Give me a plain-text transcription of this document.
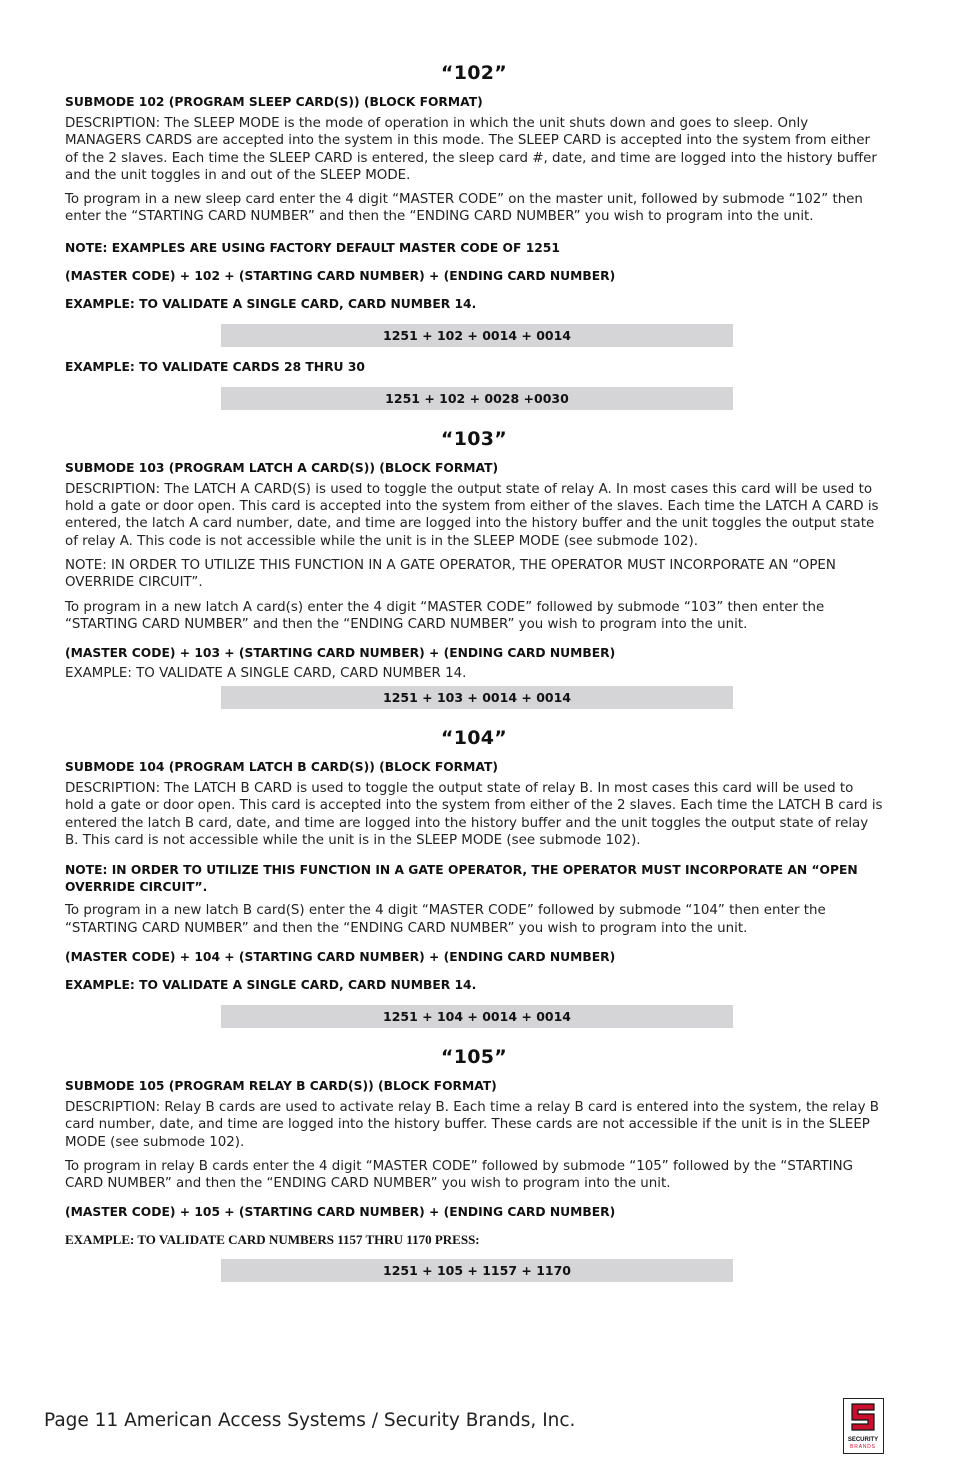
“102”
SUBMODE 102 (PROGRAM SLEEP CARD(S)) (BLOCK FORMAT)

DESCRIPTION: The SLEEP MODE is the mode of operation in which the unit shuts down and goes to sleep. Only MANAGERS CARDS are accepted into the system in this mode. The SLEEP CARD is accepted into the system from either of the 2 slaves. Each time the SLEEP CARD is entered, the sleep card #, date, and time are logged into the history buffer and the unit toggles in and out of the SLEEP MODE.

To program in a new sleep card enter the 4 digit “MASTER CODE” on the master unit, followed by submode “102” then enter the “STARTING CARD NUMBER” and then the “ENDING CARD NUMBER” you wish to program into the unit.

NOTE: EXAMPLES ARE USING FACTORY DEFAULT MASTER CODE OF 1251
(MASTER CODE) + 102 + (STARTING CARD NUMBER) + (ENDING CARD NUMBER)
EXAMPLE: TO VALIDATE A SINGLE CARD, CARD NUMBER 14.
1251 + 102 + 0014 + 0014
EXAMPLE: TO VALIDATE CARDS 28 THRU 30
1251 + 102 + 0028 +0030
“103”
SUBMODE 103 (PROGRAM LATCH A CARD(S)) (BLOCK FORMAT)

DESCRIPTION: The LATCH A CARD(S) is used to toggle the output state of relay A. In most cases this card will be used to hold a gate or door open. This card is accepted into the system from either of the slaves. Each time the LATCH A CARD is entered, the latch A card number, date, and time are logged into the history buffer and the unit toggles the output state of relay A. This code is not accessible while the unit is in the SLEEP MODE (see submode 102).

NOTE: IN ORDER TO UTILIZE THIS FUNCTION IN A GATE OPERATOR, THE OPERATOR MUST INCORPORATE AN “OPEN OVERRIDE CIRCUIT”.

To program in a new latch A card(s) enter the 4 digit “MASTER CODE” followed by submode “103” then enter the “STARTING CARD NUMBER” and then the “ENDING CARD NUMBER” you wish to program into the unit.

(MASTER CODE) + 103 + (STARTING CARD NUMBER) + (ENDING CARD NUMBER)
EXAMPLE: TO VALIDATE A SINGLE CARD, CARD NUMBER 14.
1251 + 103 + 0014 + 0014
“104”
SUBMODE 104 (PROGRAM LATCH B CARD(S)) (BLOCK FORMAT)

DESCRIPTION: The LATCH B CARD is used to toggle the output state of relay B. In most cases this card will be used to hold a gate or door open. This card is accepted into the system from either of the 2 slaves. Each time the LATCH B card is entered the latch B card, date, and time are logged into the history buffer and the unit toggles the output state of relay B. This card is not accessible while the unit is in the SLEEP MODE (see submode 102).

NOTE: IN ORDER TO UTILIZE THIS FUNCTION IN A GATE OPERATOR, THE OPERATOR MUST INCORPORATE AN “OPEN OVERRIDE CIRCUIT”.

To program in a new latch B card(S) enter the 4 digit “MASTER CODE” followed by submode “104” then enter the “STARTING CARD NUMBER” and then the “ENDING CARD NUMBER” you wish to program into the unit.

(MASTER CODE) + 104 + (STARTING CARD NUMBER) + (ENDING CARD NUMBER)
EXAMPLE: TO VALIDATE A SINGLE CARD, CARD NUMBER 14.
1251 + 104 + 0014 + 0014
“105”
SUBMODE 105 (PROGRAM RELAY B CARD(S)) (BLOCK FORMAT)

DESCRIPTION: Relay B cards are used to activate relay B. Each time a relay B card is entered into the system, the relay B card number, date, and time are logged into the history buffer. These cards are not accessible if the unit is in the SLEEP MODE (see submode 102).

To program in relay B cards enter the 4 digit “MASTER CODE” followed by submode “105” followed by the “STARTING CARD NUMBER” and then the “ENDING CARD NUMBER” you wish to program into the unit.

(MASTER CODE) + 105 + (STARTING CARD NUMBER) + (ENDING CARD NUMBER)
EXAMPLE: TO VALIDATE CARD NUMBERS 1157 THRU 1170 PRESS:
1251 + 105 + 1157 + 1170
Page 11 American Access Systems / Security Brands, Inc.
SECURITY
BRANDS
